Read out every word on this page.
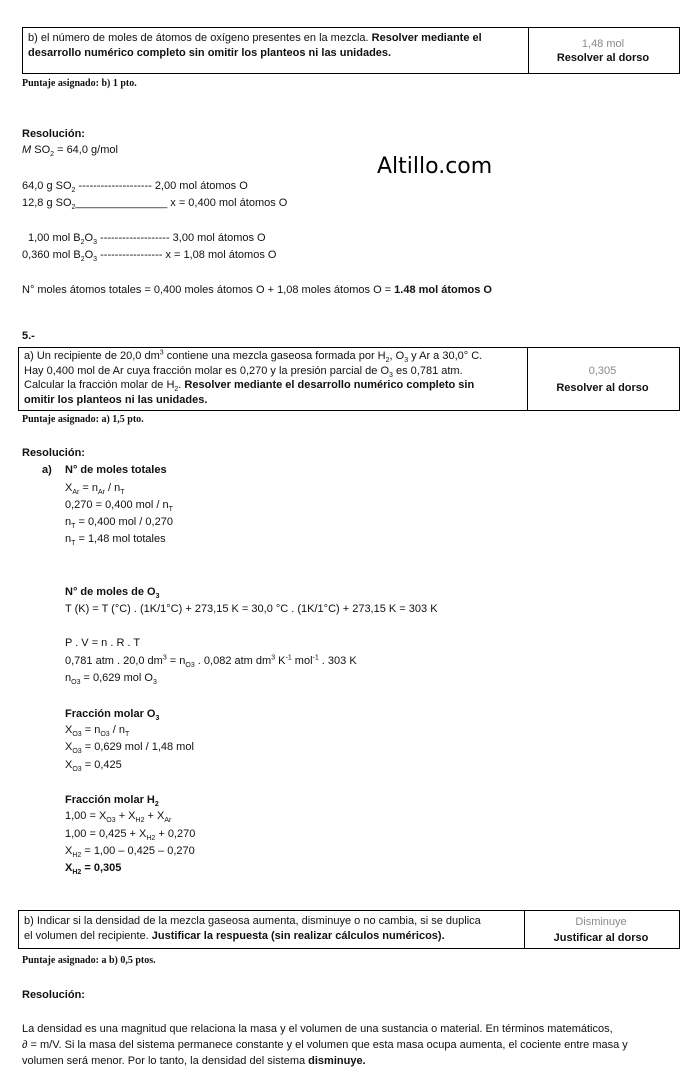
b) el número de moles de átomos de oxígeno presentes en la mezcla. Resolver mediante el desarrollo numérico completo sin omitir los planteos ni las unidades.
1,48 mol
Resolver al dorso
Puntaje asignado: b) 1 pto.
Resolución:
M $SO_2 = 64,0$ g/mol
Altillo.com
64,0 g $SO_2$ -------------------- 2,00 mol átomos O
12,8 g $SO_2\_\_\_\_\_\_\_\_\_\_\_\_\_\_\_$ x = 0,400 mol átomos O
1,00 mol $B_2O_3$ ------------------- 3,00 mol átomos O
0,360 mol $B_2O_3$ ----------------- x = 1,08 mol átomos O
N° moles átomos totales = 0,400 moles átomos O + 1,08 moles átomos O = 1.48 mol átomos O
5.-
a) Un recipiente de 20,0 $dm^3$ contiene una mezcla gaseosa formada por $H_2$, $O_3$ y Ar a 30,0° C.
Hay 0,400 mol de Ar cuya fracción molar es 0,270 y la presión parcial de $O_3$ es 0,781 atm.
Calcular la fracción molar de $H_2$. Resolver mediante el desarrollo numérico completo sin
omitir los planteos ni las unidades.
0,305
Resolver al dorso
Puntaje asignado: a) 1,5 pto.
Resolución:
a) N° de moles totales
$X_{Ar} = n_{Ar} / n_T$
0,270 = 0,400 mol / $n_T$
$n_T = 0,400$ mol / 0,270
$n_T = 1,48$ mol totales
N° de moles de $O_3$
T (K) = T (°C) . (1K/1°C) + 273,15 K = 30,0 °C . (1K/1°C) + 273,15 K = 303 K
P . V = n . R . T
0,781 atm . 20,0 $dm^3 = n_{O3}$ . 0,082 atm $dm^3$ $K^{-1}$ mol$^{-1}$ . 303 K
$n_{O3} = 0,629$ mol $O_3$
Fracción molar $O_3$
$X_{O3} = n_{O3} / n_T$
$X_{O3} = 0,629$ mol / 1,48 mol
$X_{O3} = 0,425$
Fracción molar $H_2$
$1,00 = X_{O3} + X_{H2} + X_{Ar}$
$1,00 = 0,425 + X_{H2} + 0,270$
$X_{H2} = 1,00 - 0,425 - 0,270$
$X_{H2} = 0,305$
b) Indicar si la densidad de la mezcla gaseosa aumenta, disminuye o no cambia, si se duplica
el volumen del recipiente. Justificar la respuesta (sin realizar cálculos numéricos).
Disminuye
Justificar al dorso
Puntaje asignado: a b) 0,5 ptos.
Resolución:
La densidad es una magnitud que relaciona la masa y el volumen de una sustancia o material. En términos matemáticos,
∂ = m/V. Si la masa del sistema permanece constante y el volumen que esta masa ocupa aumenta, el cociente entre masa y
volumen será menor. Por lo tanto, la densidad del sistema disminuye.
